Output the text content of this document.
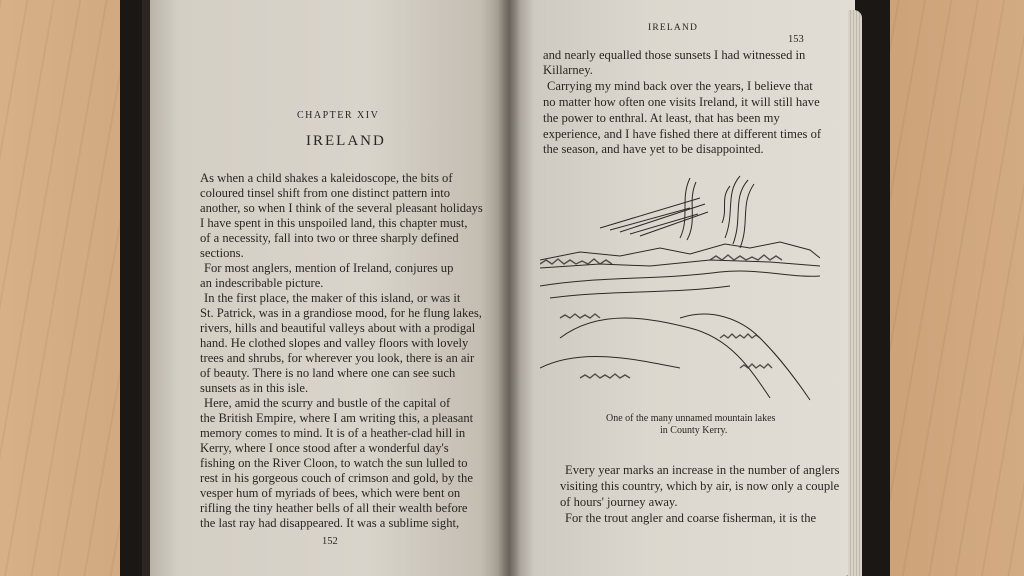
CHAPTER XIV
IRELAND
As when a child shakes a kaleidoscope, the bits of
coloured tinsel shift from one distinct pattern into
another, so when I think of the several pleasant holidays
I have spent in this unspoiled land, this chapter must,
of a necessity, fall into two or three sharply defined
sections.
For most anglers, mention of Ireland, conjures up
an indescribable picture.
In the first place, the maker of this island, or was it
St. Patrick, was in a grandiose mood, for he flung lakes,
rivers, hills and beautiful valleys about with a prodigal
hand. He clothed slopes and valley floors with lovely
trees and shrubs, for wherever you look, there is an air
of beauty. There is no land where one can see such
sunsets as in this isle.
Here, amid the scurry and bustle of the capital of
the British Empire, where I am writing this, a pleasant
memory comes to mind. It is of a heather-clad hill in
Kerry, where I once stood after a wonderful day's
fishing on the River Cloon, to watch the sun lulled to
rest in his gorgeous couch of crimson and gold, by the
vesper hum of myriads of bees, which were bent on
rifling the tiny heather bells of all their wealth before
the last ray had disappeared. It was a sublime sight,
152
IRELAND
153
and nearly equalled those sunsets I had witnessed in
Killarney.
Carrying my mind back over the years, I believe that
no matter how often one visits Ireland, it will still have
the power to enthral. At least, that has been my
experience, and I have fished there at different times of
the season, and have yet to be disappointed.
One of the many unnamed mountain lakes
in County Kerry.
Every year marks an increase in the number of anglers
visiting this country, which by air, is now only a couple
of hours' journey away.
For the trout angler and coarse fisherman, it is the
